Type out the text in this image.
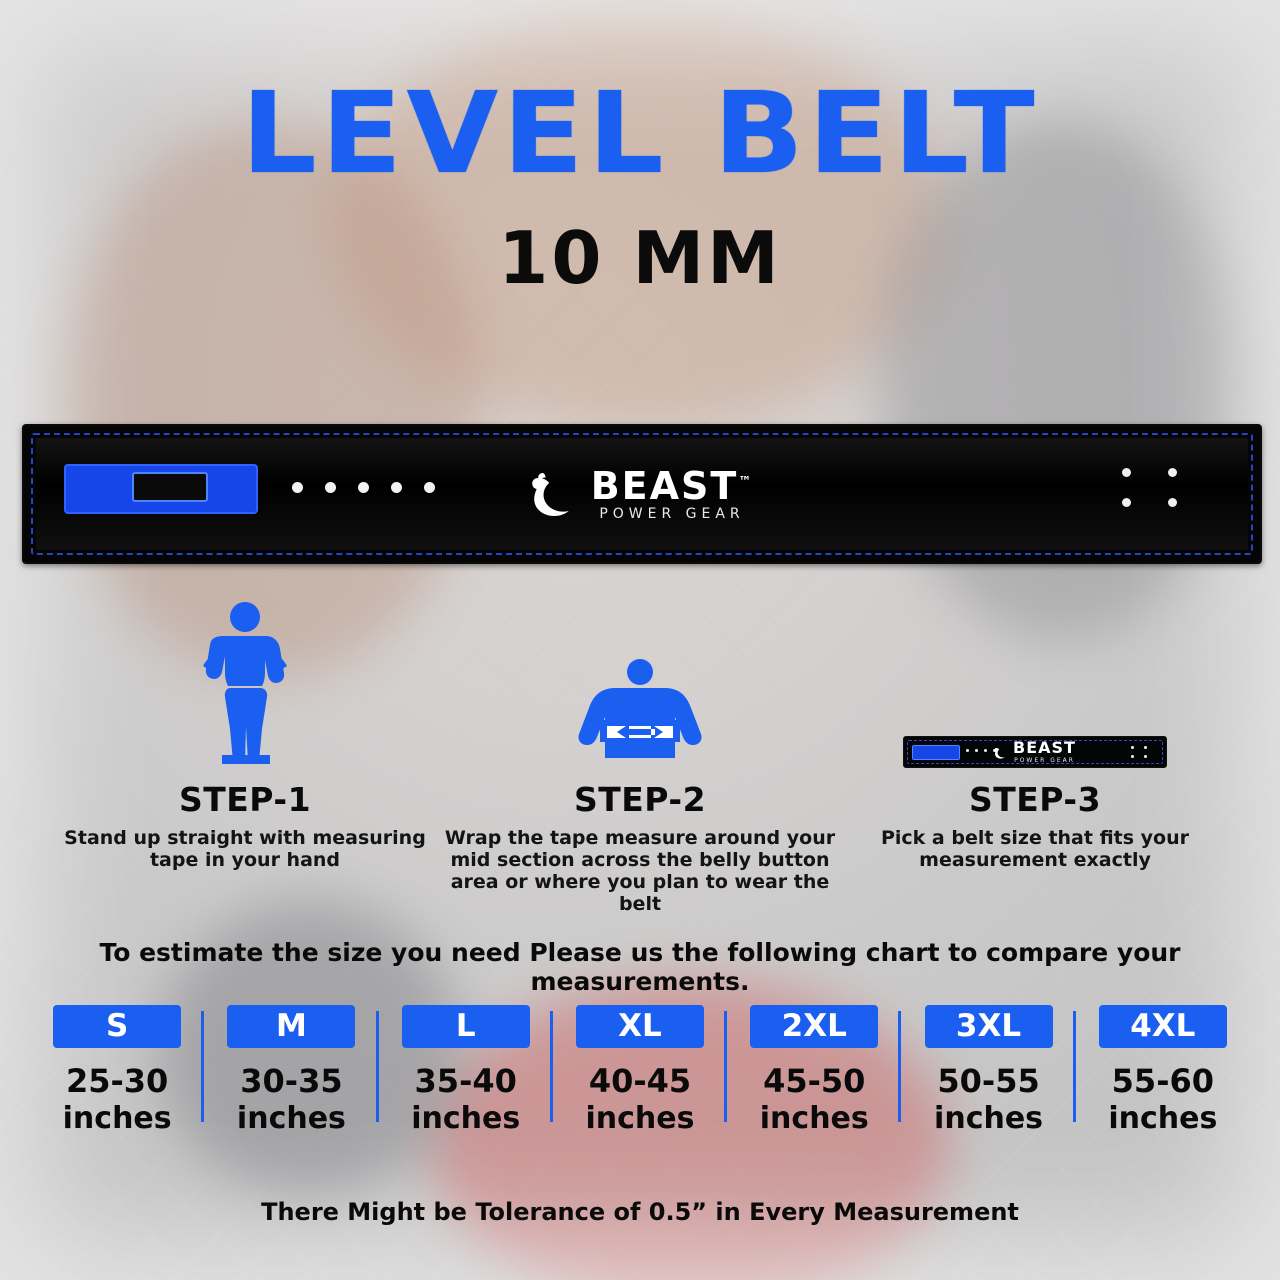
LEVEL BELT
10 MM
BEAST™
POWER GEAR
STEP-1
Stand up straight with measuring tape in your hand
STEP-2
Wrap the tape measure around your mid section across the belly button area or where you plan to wear the belt
BEAST
POWER GEAR
STEP-3
Pick a belt size that fits your measurement exactly
To estimate the size you need Please us the following chart to compare your measurements.
S
25-30
inches
M
30-35
inches
L
35-40
inches
XL
40-45
inches
2XL
45-50
inches
3XL
50-55
inches
4XL
55-60
inches
There Might be Tolerance of 0.5” in Every Measurement
